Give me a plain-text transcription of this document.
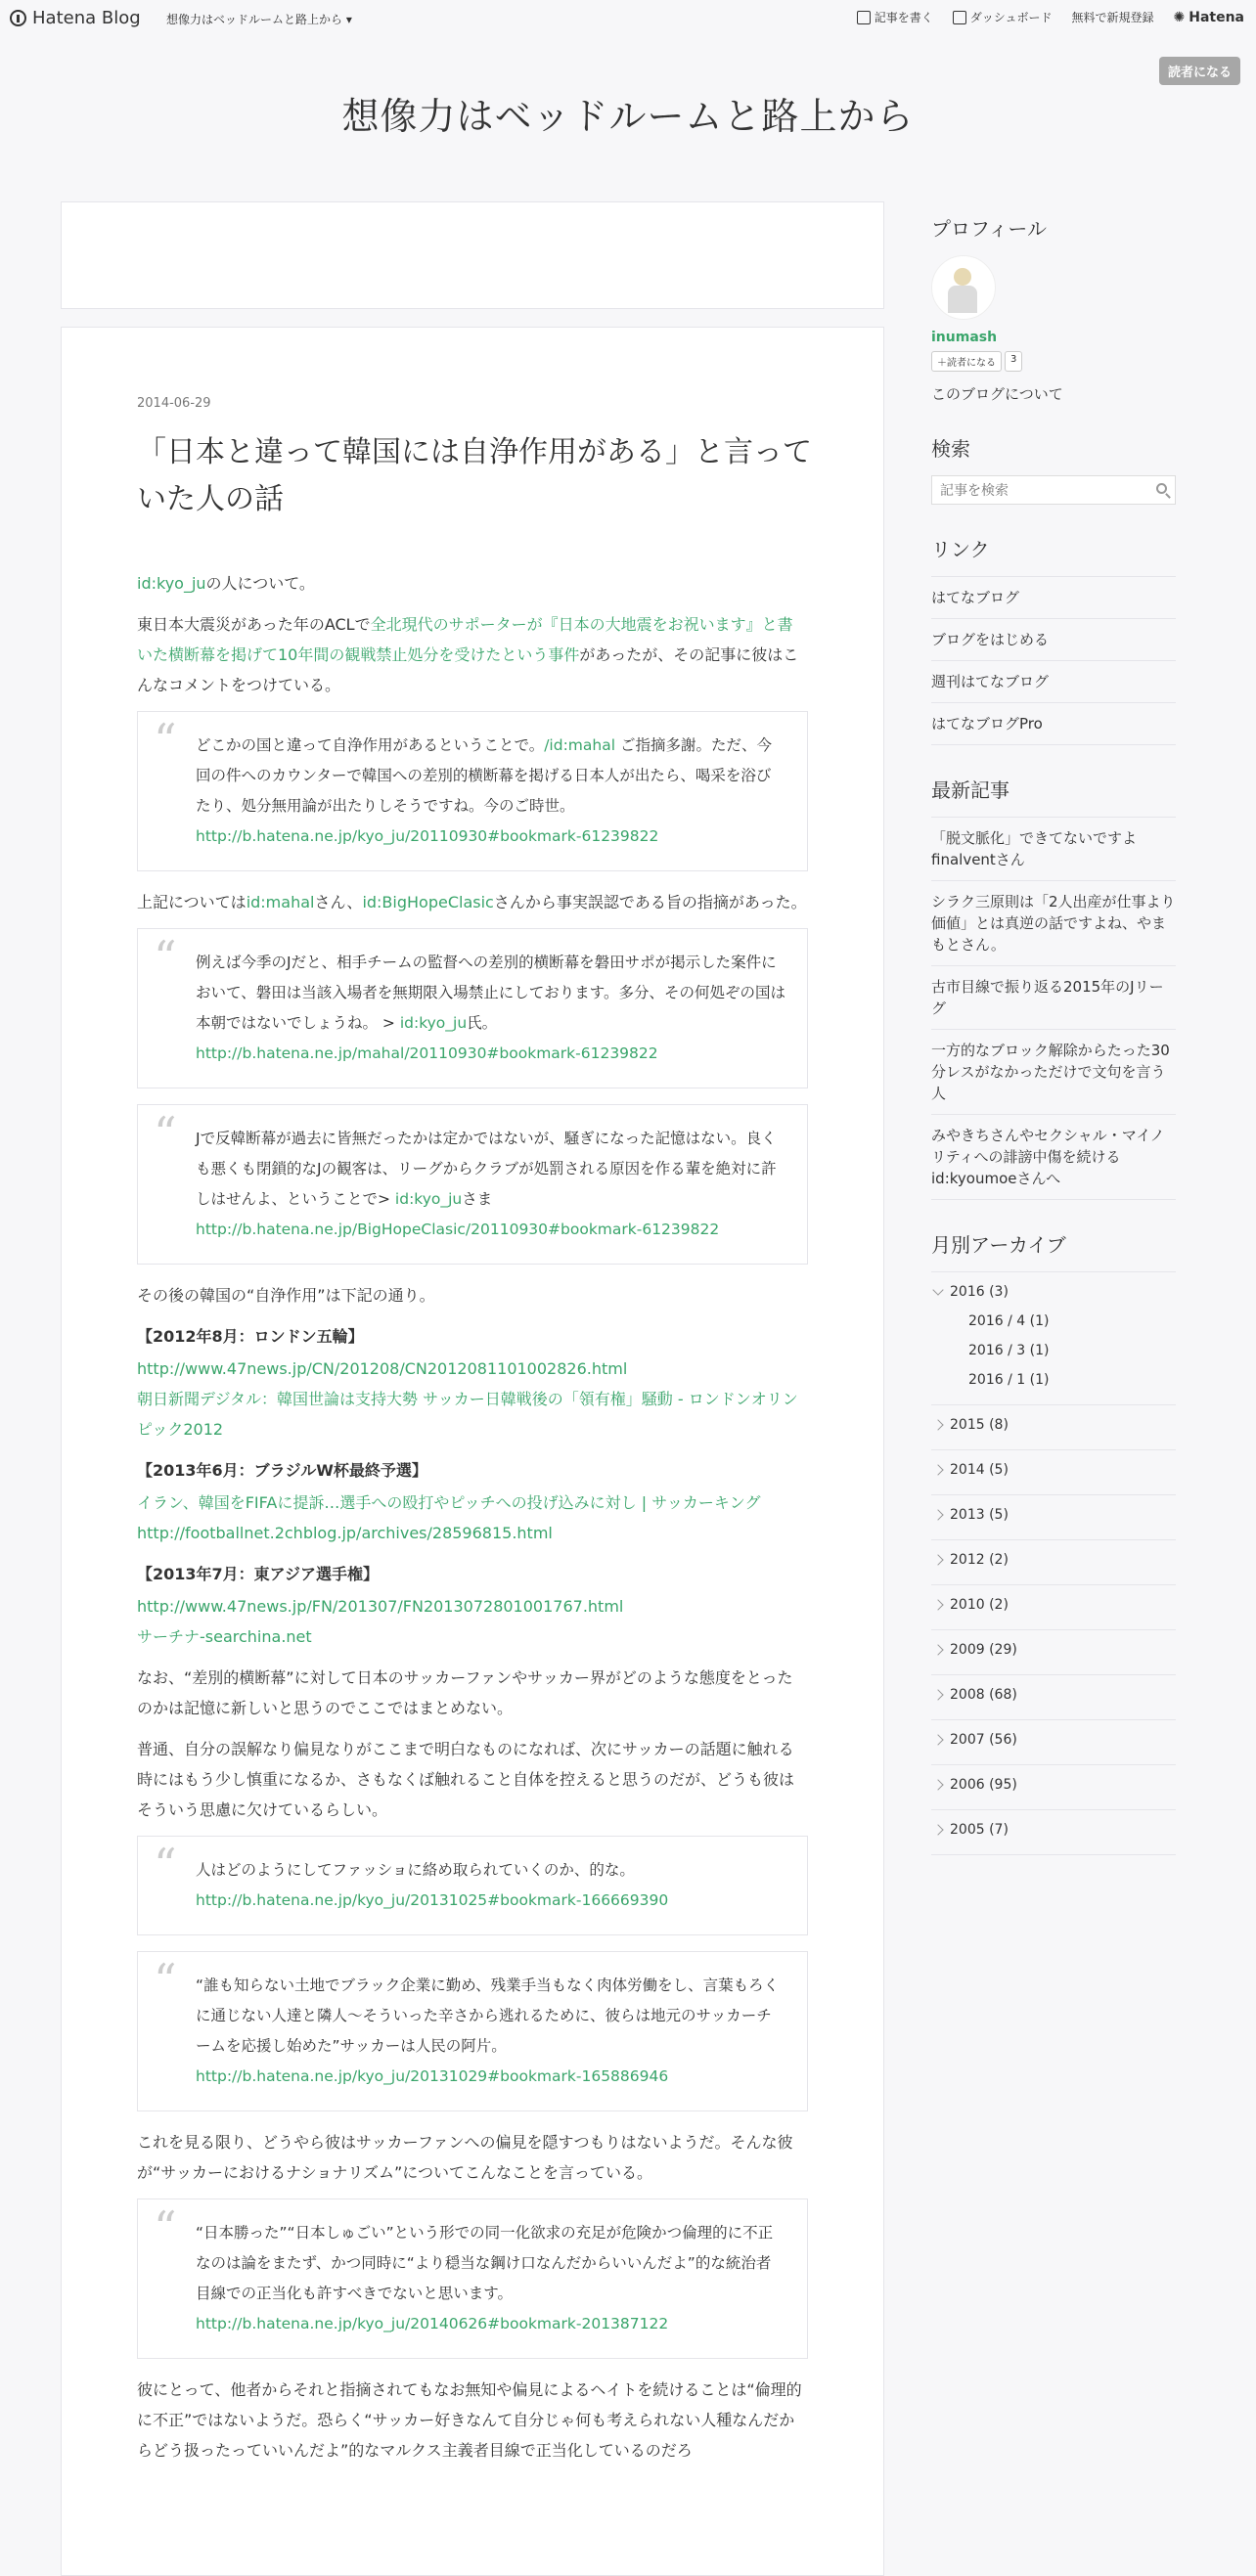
Hatena Blog 想像力はベッドルームと路上から ▾	記事を書く	ダッシュボード 無料で新規登録 ✺ Hatena
読者になる
想像力はベッドルームと路上から
2014-06-29
「日本と違って韓国には自浄作用がある」と言っていた人の話

id:kyo_juの人について。

東日本大震災があった年のACLで全北現代のサポーターが『日本の大地震をお祝います』と書いた横断幕を掲げて10年間の観戦禁止処分を受けたという事件があったが、その記事に彼はこんなコメントをつけている。

“ どこかの国と違って自浄作用があるということで。/id:mahal ご指摘多謝。ただ、今回の件へのカウンターで韓国への差別的横断幕を掲げる日本人が出たら、喝采を浴びたり、処分無用論が出たりしそうですね。今のご時世。
http://b.hatena.ne.jp/kyo_ju/20110930#bookmark-61239822

上記についてはid:mahalさん、id:BigHopeClasicさんから事実誤認である旨の指摘があった。

“ 例えば今季のJだと、相手チームの監督への差別的横断幕を磐田サポが掲示した案件において、磐田は当該入場者を無期限入場禁止にしております。多分、その何処ぞの国は本朝ではないでしょうね。 > id:kyo_ju氏。
http://b.hatena.ne.jp/mahal/20110930#bookmark-61239822
“ Jで反韓断幕が過去に皆無だったかは定かではないが、騒ぎになった記憶はない。良くも悪くも閉鎖的なJの観客は、リーグからクラブが処罰される原因を作る輩を絶対に許しはせんよ、ということで> id:kyo_juさま
http://b.hatena.ne.jp/BigHopeClasic/20110930#bookmark-61239822

その後の韓国の“自浄作用”は下記の通り。

【2012年8月：ロンドン五輪】
http://www.47news.jp/CN/201208/CN2012081101002826.html
朝日新聞デジタル：韓国世論は支持大勢 サッカー日韓戦後の「領有権」騒動 - ロンドンオリンピック2012

【2013年6月：ブラジルW杯最終予選】
イラン、韓国をFIFAに提訴…選手への殴打やピッチへの投げ込みに対し | サッカーキング
http://footballnet.2chblog.jp/archives/28596815.html

【2013年7月：東アジア選手権】
http://www.47news.jp/FN/201307/FN2013072801001767.html
サーチナ-searchina.net

なお、“差別的横断幕”に対して日本のサッカーファンやサッカー界がどのような態度をとったのかは記憶に新しいと思うのでここではまとめない。

普通、自分の誤解なり偏見なりがここまで明白なものになれば、次にサッカーの話題に触れる時にはもう少し慎重になるか、さもなくば触れること自体を控えると思うのだが、どうも彼はそういう思慮に欠けているらしい。

“ 人はどのようにしてファッショに絡め取られていくのか、的な。
http://b.hatena.ne.jp/kyo_ju/20131025#bookmark-166669390
“ “誰も知らない土地でブラック企業に勤め、残業手当もなく肉体労働をし、言葉もろくに通じない人達と隣人〜そういった辛さから逃れるために、彼らは地元のサッカーチームを応援し始めた”サッカーは人民の阿片。
http://b.hatena.ne.jp/kyo_ju/20131029#bookmark-165886946

これを見る限り、どうやら彼はサッカーファンへの偏見を隠すつもりはないようだ。そんな彼が“サッカーにおけるナショナリズム”についてこんなことを言っている。

“ “日本勝った”“日本しゅごい”という形での同一化欲求の充足が危険かつ倫理的に不正なのは論をまたず、かつ同時に“より穏当な鋼け口なんだからいいんだよ”的な統治者目線での正当化も許すべきでないと思います。
http://b.hatena.ne.jp/kyo_ju/20140626#bookmark-201387122

彼にとって、他者からそれと指摘されてもなお無知や偏見によるヘイトを続けることは“倫理的に不正”ではないようだ。恐らく“サッカー好きなんて自分じゃ何も考えられない人種なんだからどう扱ったっていいんだよ”的なマルクス主義者目線で正当化しているのだろ

プロフィール
inumash
＋読者になる	3
このブログについて
検索
記事を検索
リンク
はてなブログ
ブログをはじめる
週刊はてなブログ
はてなブログPro
最新記事
「脱文脈化」できてないですよ finalventさん
シラク三原則は「2人出産が仕事より価値」とは真逆の話ですよね、やまもとさん。
古市目線で振り返る2015年のJリーグ
一方的なブロック解除からたった30分レスがなかっただけで文句を言う人
みやきちさんやセクシャル・マイノリティへの誹謗中傷を続けるid:kyoumoeさんへ
月別アーカイブ
2016 (3)
2016 / 4 (1)
2016 / 3 (1)
2016 / 1 (1)
2015 (8)
2014 (5)
2013 (5)
2012 (2)
2010 (2)
2009 (29)
2008 (68)
2007 (56)
2006 (95)
2005 (7)
